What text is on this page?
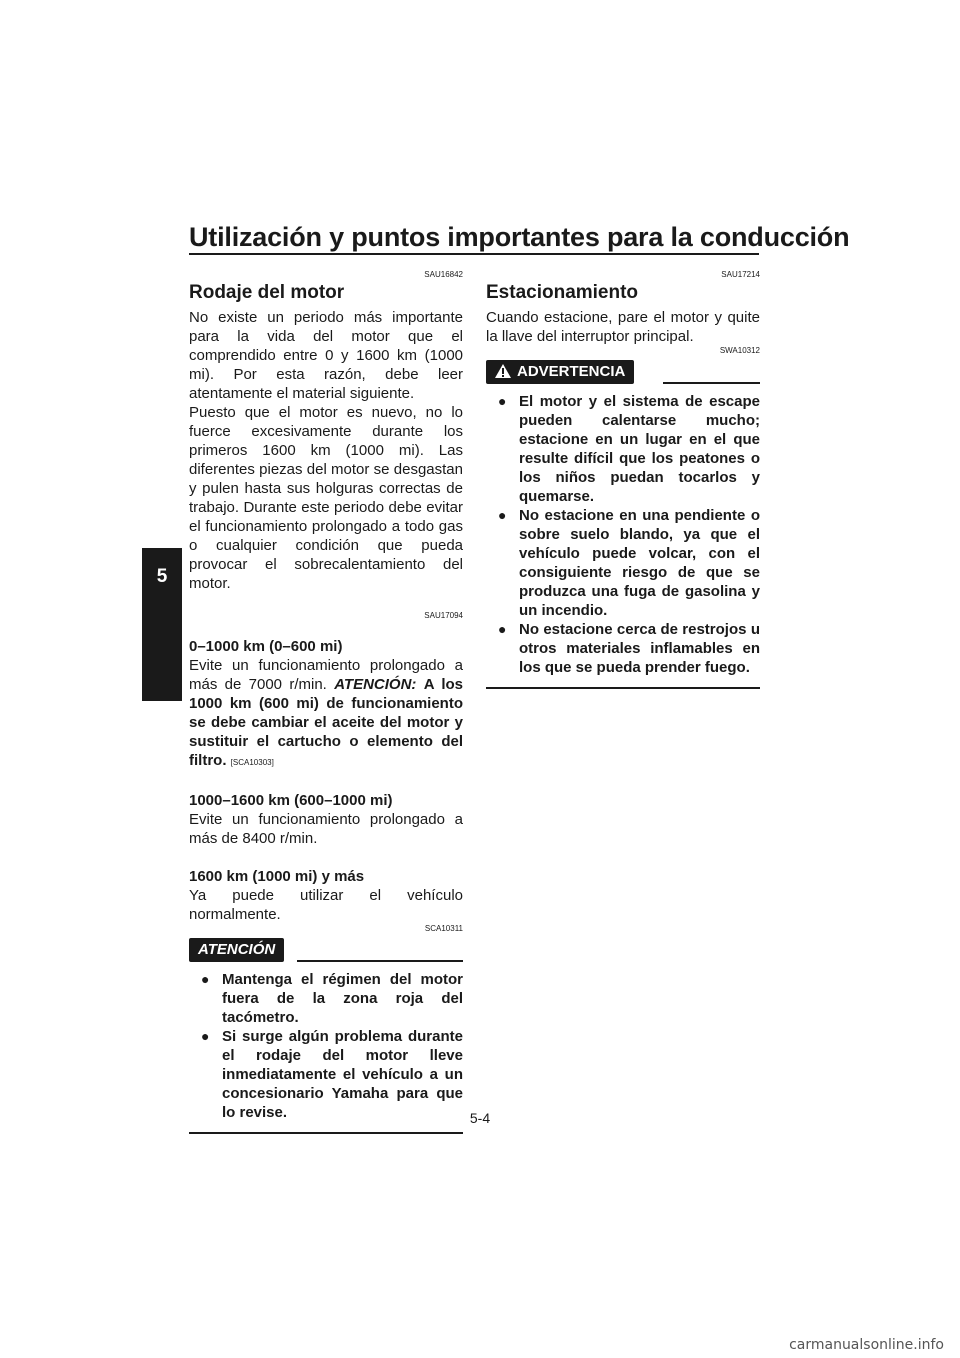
Utilización y puntos importantes para la conducción
5
SAU16842
Rodaje del motor

No existe un periodo más importante para la vida del motor que el comprendido entre 0 y 1600 km (1000 mi). Por esta razón, debe leer atentamente el material siguiente.

Puesto que el motor es nuevo, no lo fuerce excesivamente durante los primeros 1600 km (1000 mi). Las diferentes piezas del motor se desgastan y pulen hasta sus holguras correctas de trabajo. Durante este periodo debe evitar el funcionamiento prolongado a todo gas o cualquier condición que pueda provocar el sobrecalentamiento del motor.

SAU17094
0–1000 km (0–600 mi)

Evite un funcionamiento prolongado a más de 7000 r/min. ATENCIÓN: A los 1000 km (600 mi) de funcionamiento se debe cambiar el aceite del motor y sustituir el cartucho o elemento del filtro. [SCA10303]

1000–1600 km (600–1000 mi)

Evite un funcionamiento prolongado a más de 8400 r/min.

1600 km (1000 mi) y más

Ya puede utilizar el vehículo normalmente.

SCA10311
ATENCIÓN
● Mantenga el régimen del motor fuera de la zona roja del tacómetro.
● Si surge algún problema durante el rodaje del motor lleve inmediatamente el vehículo a un concesionario Yamaha para que lo revise.
SAU17214
Estacionamiento

Cuando estacione, pare el motor y quite la llave del interruptor principal.

SWA10312
ADVERTENCIA
● El motor y el sistema de escape pueden calentarse mucho; estacione en un lugar en el que resulte difícil que los peatones o los niños puedan tocarlos y quemarse.
● No estacione en una pendiente o sobre suelo blando, ya que el vehículo puede volcar, con el consiguiente riesgo de que se produzca una fuga de gasolina y un incendio.
● No estacione cerca de restrojos u otros materiales inflamables en los que se pueda prender fuego.
5-4
carmanualsonline.info
